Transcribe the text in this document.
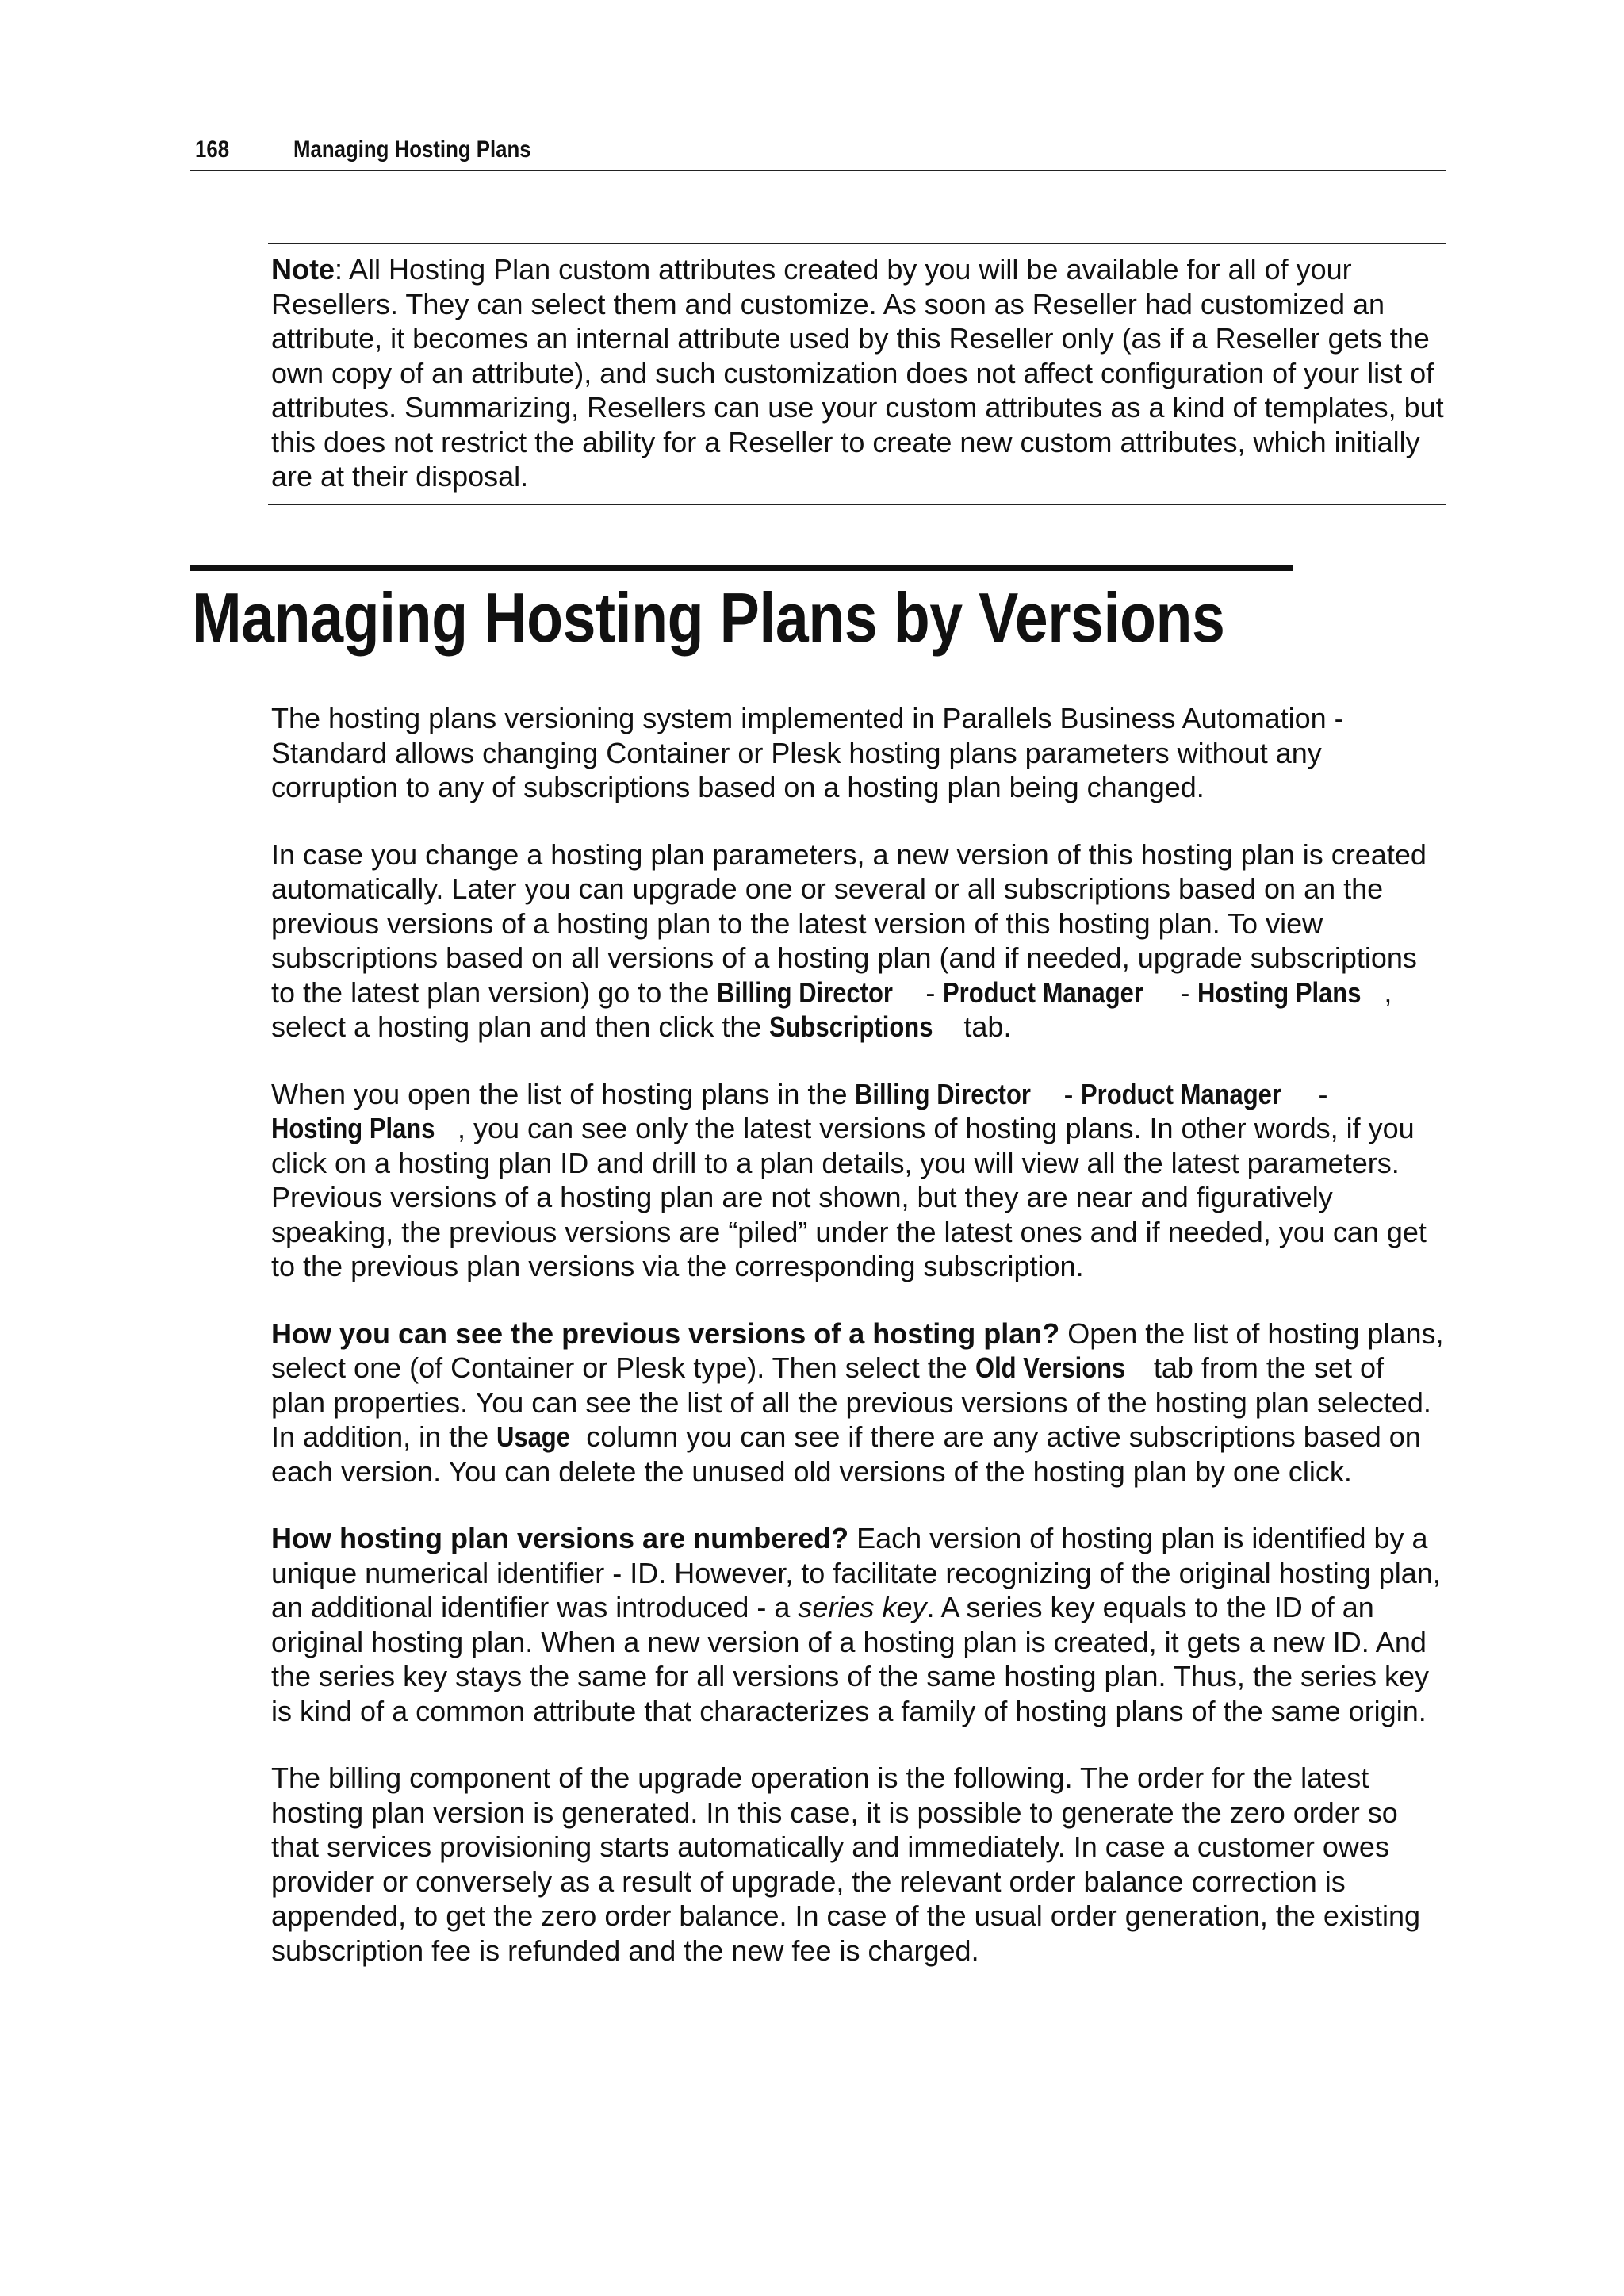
168	Managing Hosting Plans
Note: All Hosting Plan custom attributes created by you will be available for all of your Resellers. They can select them and customize. As soon as Reseller had customized an attribute, it becomes an internal attribute used by this Reseller only (as if a Reseller gets the own copy of an attribute), and such customization does not affect configuration of your list of attributes. Summarizing, Resellers can use your custom attributes as a kind of templates, but this does not restrict the ability for a Reseller to create new custom attributes, which initially are at their disposal.
Managing Hosting Plans by Versions

The hosting plans versioning system implemented in Parallels Business Automation - Standard allows changing Container or Plesk hosting plans parameters without any corruption to any of subscriptions based on a hosting plan being changed.

In case you change a hosting plan parameters, a new version of this hosting plan is created automatically. Later you can upgrade one or several or all subscriptions based on an the previous versions of a hosting plan to the latest version of this hosting plan. To view subscriptions based on all versions of a hosting plan (and if needed, upgrade subscriptions to the latest plan version) go to the Billing Director - Product Manager - Hosting Plans , select a hosting plan and then click the Subscriptions tab.

When you open the list of hosting plans in the Billing Director - Product Manager - Hosting Plans , you can see only the latest versions of hosting plans. In other words, if you click on a hosting plan ID and drill to a plan details, you will view all the latest parameters. Previous versions of a hosting plan are not shown, but they are near and figuratively speaking, the previous versions are “piled” under the latest ones and if needed, you can get to the previous plan versions via the corresponding subscription.

How you can see the previous versions of a hosting plan? Open the list of hosting plans, select one (of Container or Plesk type). Then select the Old Versions tab from the set of plan properties. You can see the list of all the previous versions of the hosting plan selected. In addition, in the Usage column you can see if there are any active subscriptions based on each version. You can delete the unused old versions of the hosting plan by one click.

How hosting plan versions are numbered? Each version of hosting plan is identified by a unique numerical identifier - ID. However, to facilitate recognizing of the original hosting plan, an additional identifier was introduced - a series key. A series key equals to the ID of an original hosting plan. When a new version of a hosting plan is created, it gets a new ID. And the series key stays the same for all versions of the same hosting plan. Thus, the series key is kind of a common attribute that characterizes a family of hosting plans of the same origin.

The billing component of the upgrade operation is the following. The order for the latest hosting plan version is generated. In this case, it is possible to generate the zero order so that services provisioning starts automatically and immediately. In case a customer owes provider or conversely as a result of upgrade, the relevant order balance correction is appended, to get the zero order balance. In case of the usual order generation, the existing subscription fee is refunded and the new fee is charged.
